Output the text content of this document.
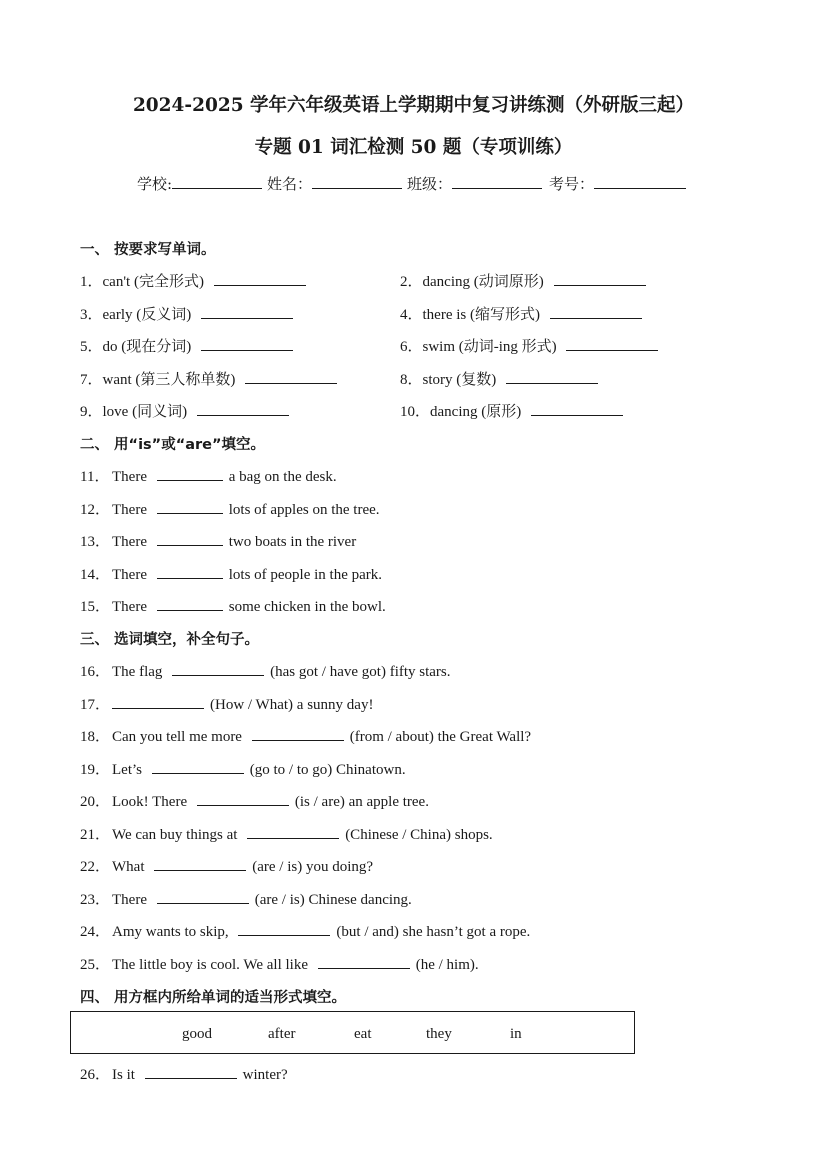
2024-2025 学年六年级英语上学期期中复习讲练测（外研版三起）
专题 01 词汇检测 50 题（专项训练）
学校:	姓名：	班级：	考号：
一、 按要求写单词。
1．can't (完全形式)	2．dancing (动词原形)
3．early (反义词)	4．there is (缩写形式)
5．do (现在分词)	6．swim (动词-ing 形式)
7．want (第三人称单数)	8．story (复数)
9．love (同义词)	10．dancing (原形)
二、 用“is”或“are”填空。
11． There	a bag on the desk.
12． There	lots of apples on the tree.
13． There	two boats in the river
14． There	lots of people in the park.
15． There	some chicken in the bowl.
三、 选词填空，补全句子。
16． The flag	(has got / have got) fifty stars.
17．	(How / What) a sunny day!
18． Can you tell me more	(from / about) the Great Wall?
19． Let’s	(go to / to go) Chinatown.
20． Look! There	(is / are) an apple tree.
21． We can buy things at	(Chinese / China) shops.
22． What	(are / is) you doing?
23． There	(are / is) Chinese dancing.
24． Amy wants to skip,	(but / and) she hasn’t got a rope.
25． The little boy is cool. We all like	(he / him).
四、 用方框内所给单词的适当形式填空。
good	after	eat	they	in
26． Is it	winter?
